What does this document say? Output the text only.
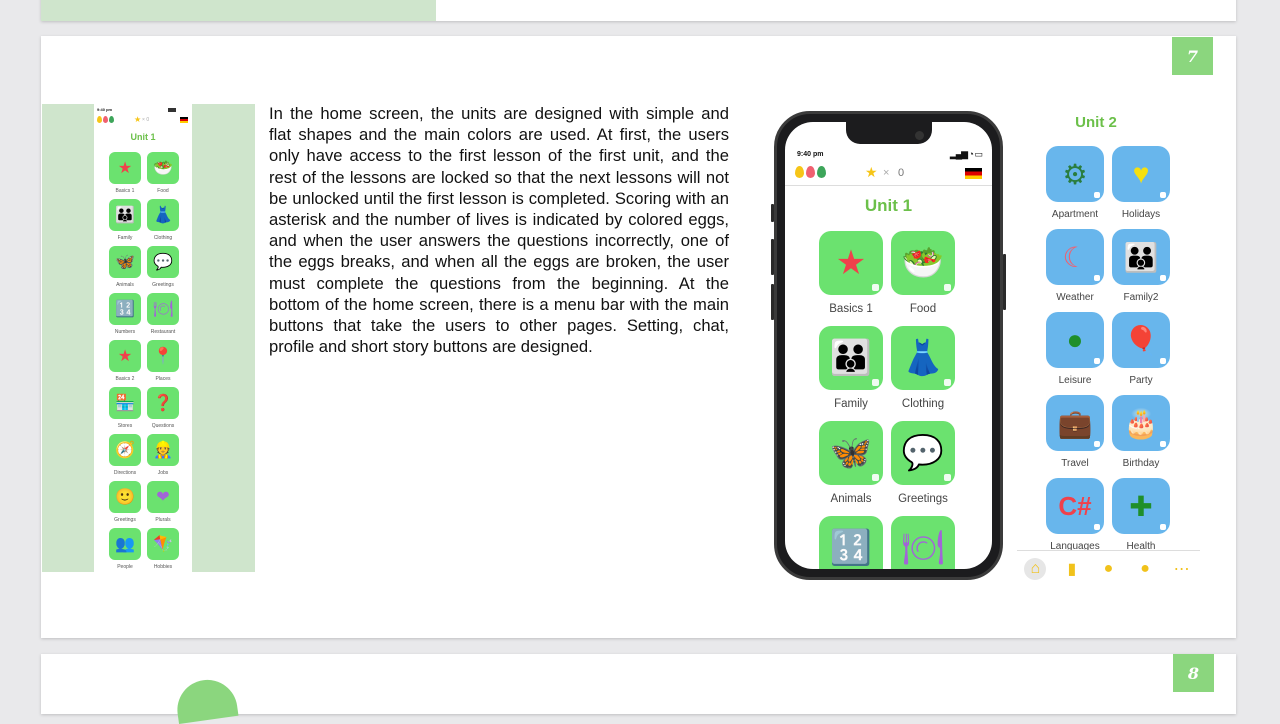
7
9:40 pm
★ × 0
Unit 1
★
Basics 1
🥗
Food
👪
Family
👗
Clothing
🦋
Animals
💬
Greetings
🔢
Numbers
🍽
Restaurant
★
Basics 2
📍
Places
🏪
Stores
❓
Questions
🧭
Directions
👷
Jobs
🙂
Greetings
❤
Plurals
👥
People
🪁
Hobbies

In the home screen, the units are designed with simple and flat shapes and the main colors are used. At first, the users only have access to the first lesson of the first unit, and the rest of the lessons are locked so that the next lessons will not be unlocked until the first lesson is completed. Scoring with an asterisk and the number of lives is indicated by colored eggs, and when the user answers the questions incorrectly, one of the eggs breaks, and when all the eggs are broken, the user must complete the questions from the beginning. At the bottom of the home screen, there is a menu bar with the main buttons that take the users to other pages. Setting, chat, profile and short story buttons are designed.

9:40 pm	▂▄▆ ◔ ▭
★ × 0
Unit 1
★
Basics 1
🥗
Food
👪
Family
👗
Clothing
🦋
Animals
💬
Greetings
🔢 🍽
Unit 2
⚙
Apartment
♥
Holidays
☾
Weather
👪
Family2
●
Leisure
🎈
Party
💼
Travel
🎂
Birthday
C#
Languages
✚
Health
⌂	▮	●	●	⋯
8
